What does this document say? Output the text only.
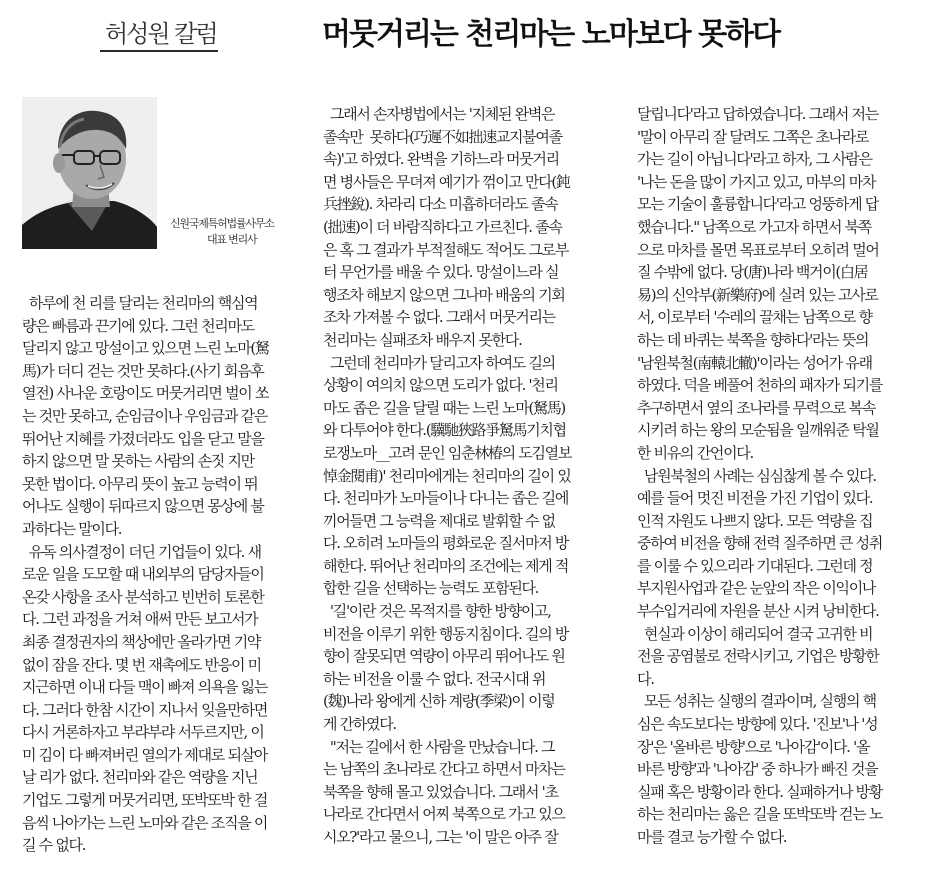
허성원 칼럼	머뭇거리는 천리마는 노마보다 못하다
신원국제특허법률사무소
대표 변리사
하루에 천 리를 달리는 천리마의 핵심역
량은 빠름과 끈기에 있다. 그런 천리마도
달리지 않고 망설이고 있으면 느린 노마(駑
馬)가 더디 걷는 것만 못하다.(사기 회음후
열전) 사나운 호랑이도 머뭇거리면 벌이 쏘
는 것만 못하고, 순임금이나 우임금과 같은
뛰어난 지혜를 가졌더라도 입을 닫고 말을
하지 않으면 말 못하는 사람의 손짓 지만
못한 법이다. 아무리 뜻이 높고 능력이 뛰
어나도 실행이 뒤따르지 않으면 몽상에 불
과하다는 말이다.
유독 의사결정이 더딘 기업들이 있다. 새
로운 일을 도모할 때 내외부의 담당자들이
온갖 사항을 조사 분석하고 빈번히 토론한
다. 그런 과정을 거쳐 애써 만든 보고서가
최종 결정권자의 책상에만 올라가면 기약
없이 잠을 잔다. 몇 번 재촉에도 반응이 미
지근하면 이내 다들 맥이 빠져 의욕을 잃는
다. 그러다 한참 시간이 지나서 잊을만하면
다시 거론하자고 부랴부랴 서두르지만, 이
미 김이 다 빠져버린 열의가 제대로 되살아
날 리가 없다. 천리마와 같은 역량을 지닌
기업도 그렇게 머뭇거리면, 또박또박 한 걸
음씩 나아가는 느린 노마와 같은 조직을 이
길 수 없다.
그래서 손자병법에서는 '지체된 완벽은
졸속만  못하다(巧遲不如拙速교지불여졸
속)'고 하였다. 완벽을 기하느라 머뭇거리
면 병사들은 무뎌져 예기가 꺾이고 만다(鈍
兵挫銳). 차라리 다소 미흡하더라도 졸속
(拙速)이 더 바람직하다고 가르친다. 졸속
은 혹 그 결과가 부적절해도 적어도 그로부
터 무언가를 배울 수 있다. 망설이느라 실
행조차 해보지 않으면 그나마 배움의 기회
조차 가져볼 수 없다. 그래서 머뭇거리는
천리마는 실패조차 배우지 못한다.
그런데 천리마가 달리고자 하여도 길의
상황이 여의치 않으면 도리가 없다. '천리
마도 좁은 길을 달릴 때는 느린 노마(駑馬)
와 다투어야 한다.(驥馳狹路爭駑馬기치협
로쟁노마__고려 문인 임춘林椿의 도김열보
悼金閱甫)' 천리마에게는 천리마의 길이 있
다. 천리마가 노마들이나 다니는 좁은 길에
끼어들면 그 능력을 제대로 발휘할 수 없
다. 오히려 노마들의 평화로운 질서마저 방
해한다. 뛰어난 천리마의 조건에는 제게 적
합한 길을 선택하는 능력도 포함된다.
'길'이란 것은 목적지를 향한 방향이고,
비전을 이루기 위한 행동지침이다. 길의 방
향이 잘못되면 역량이 아무리 뛰어나도 원
하는 비전을 이룰 수 없다. 전국시대 위
(魏)나라 왕에게 신하 계량(季梁)이 이렇
게 간하였다.
"저는 길에서 한 사람을 만났습니다. 그
는 남쪽의 초나라로 간다고 하면서 마차는
북쪽을 향해 몰고 있었습니다. 그래서 '초
나라로 간다면서 어찌 북쪽으로 가고 있으
시오?'라고 물으니, 그는 '이 말은 아주 잘
달립니다'라고 답하였습니다. 그래서 저는
'말이 아무리 잘 달려도 그쪽은 초나라로
가는 길이 아닙니다'라고 하자, 그 사람은
'나는 돈을 많이 가지고 있고, 마부의 마차
모는 기술이 훌륭합니다'라고 엉뚱하게 답
했습니다." 남쪽으로 가고자 하면서 북쪽
으로 마차를 몰면 목표로부터 오히려 멀어
질 수밖에 없다. 당(唐)나라 백거이(白居
易)의 신악부(新樂府)에 실려 있는 고사로
서, 이로부터 '수레의 끌채는 남쪽으로 향
하는 데 바퀴는 북쪽을 향하다'라는 뜻의
'남원북철(南轅北轍)'이라는 성어가 유래
하였다. 덕을 베풀어 천하의 패자가 되기를
추구하면서 옆의 조나라를 무력으로 복속
시키려 하는 왕의 모순됨을 일깨워준 탁월
한 비유의 간언이다.
남원북철의 사례는 심심찮게 볼 수 있다.
예를 들어 멋진 비전을 가진 기업이 있다.
인적 자원도 나쁘지 않다. 모든 역량을 집
중하여 비전을 향해 전력 질주하면 큰 성취
를 이룰 수 있으리라 기대된다. 그런데 정
부지원사업과 같은 눈앞의 작은 이익이나
부수입거리에 자원을 분산 시켜 낭비한다.
현실과 이상이 해리되어 결국 고귀한 비
전을 공염불로 전락시키고, 기업은 방황한
다.
모든 성취는 실행의 결과이며, 실행의 핵
심은 속도보다는 방향에 있다. '진보'나 '성
장'은 '올바른 방향'으로 '나아감'이다. '올
바른 방향'과 '나아감' 중 하나가 빠진 것을
실패 혹은 방황이라 한다. 실패하거나 방황
하는 천리마는 옳은 길을 또박또박 걷는 노
마를 결코 능가할 수 없다.
